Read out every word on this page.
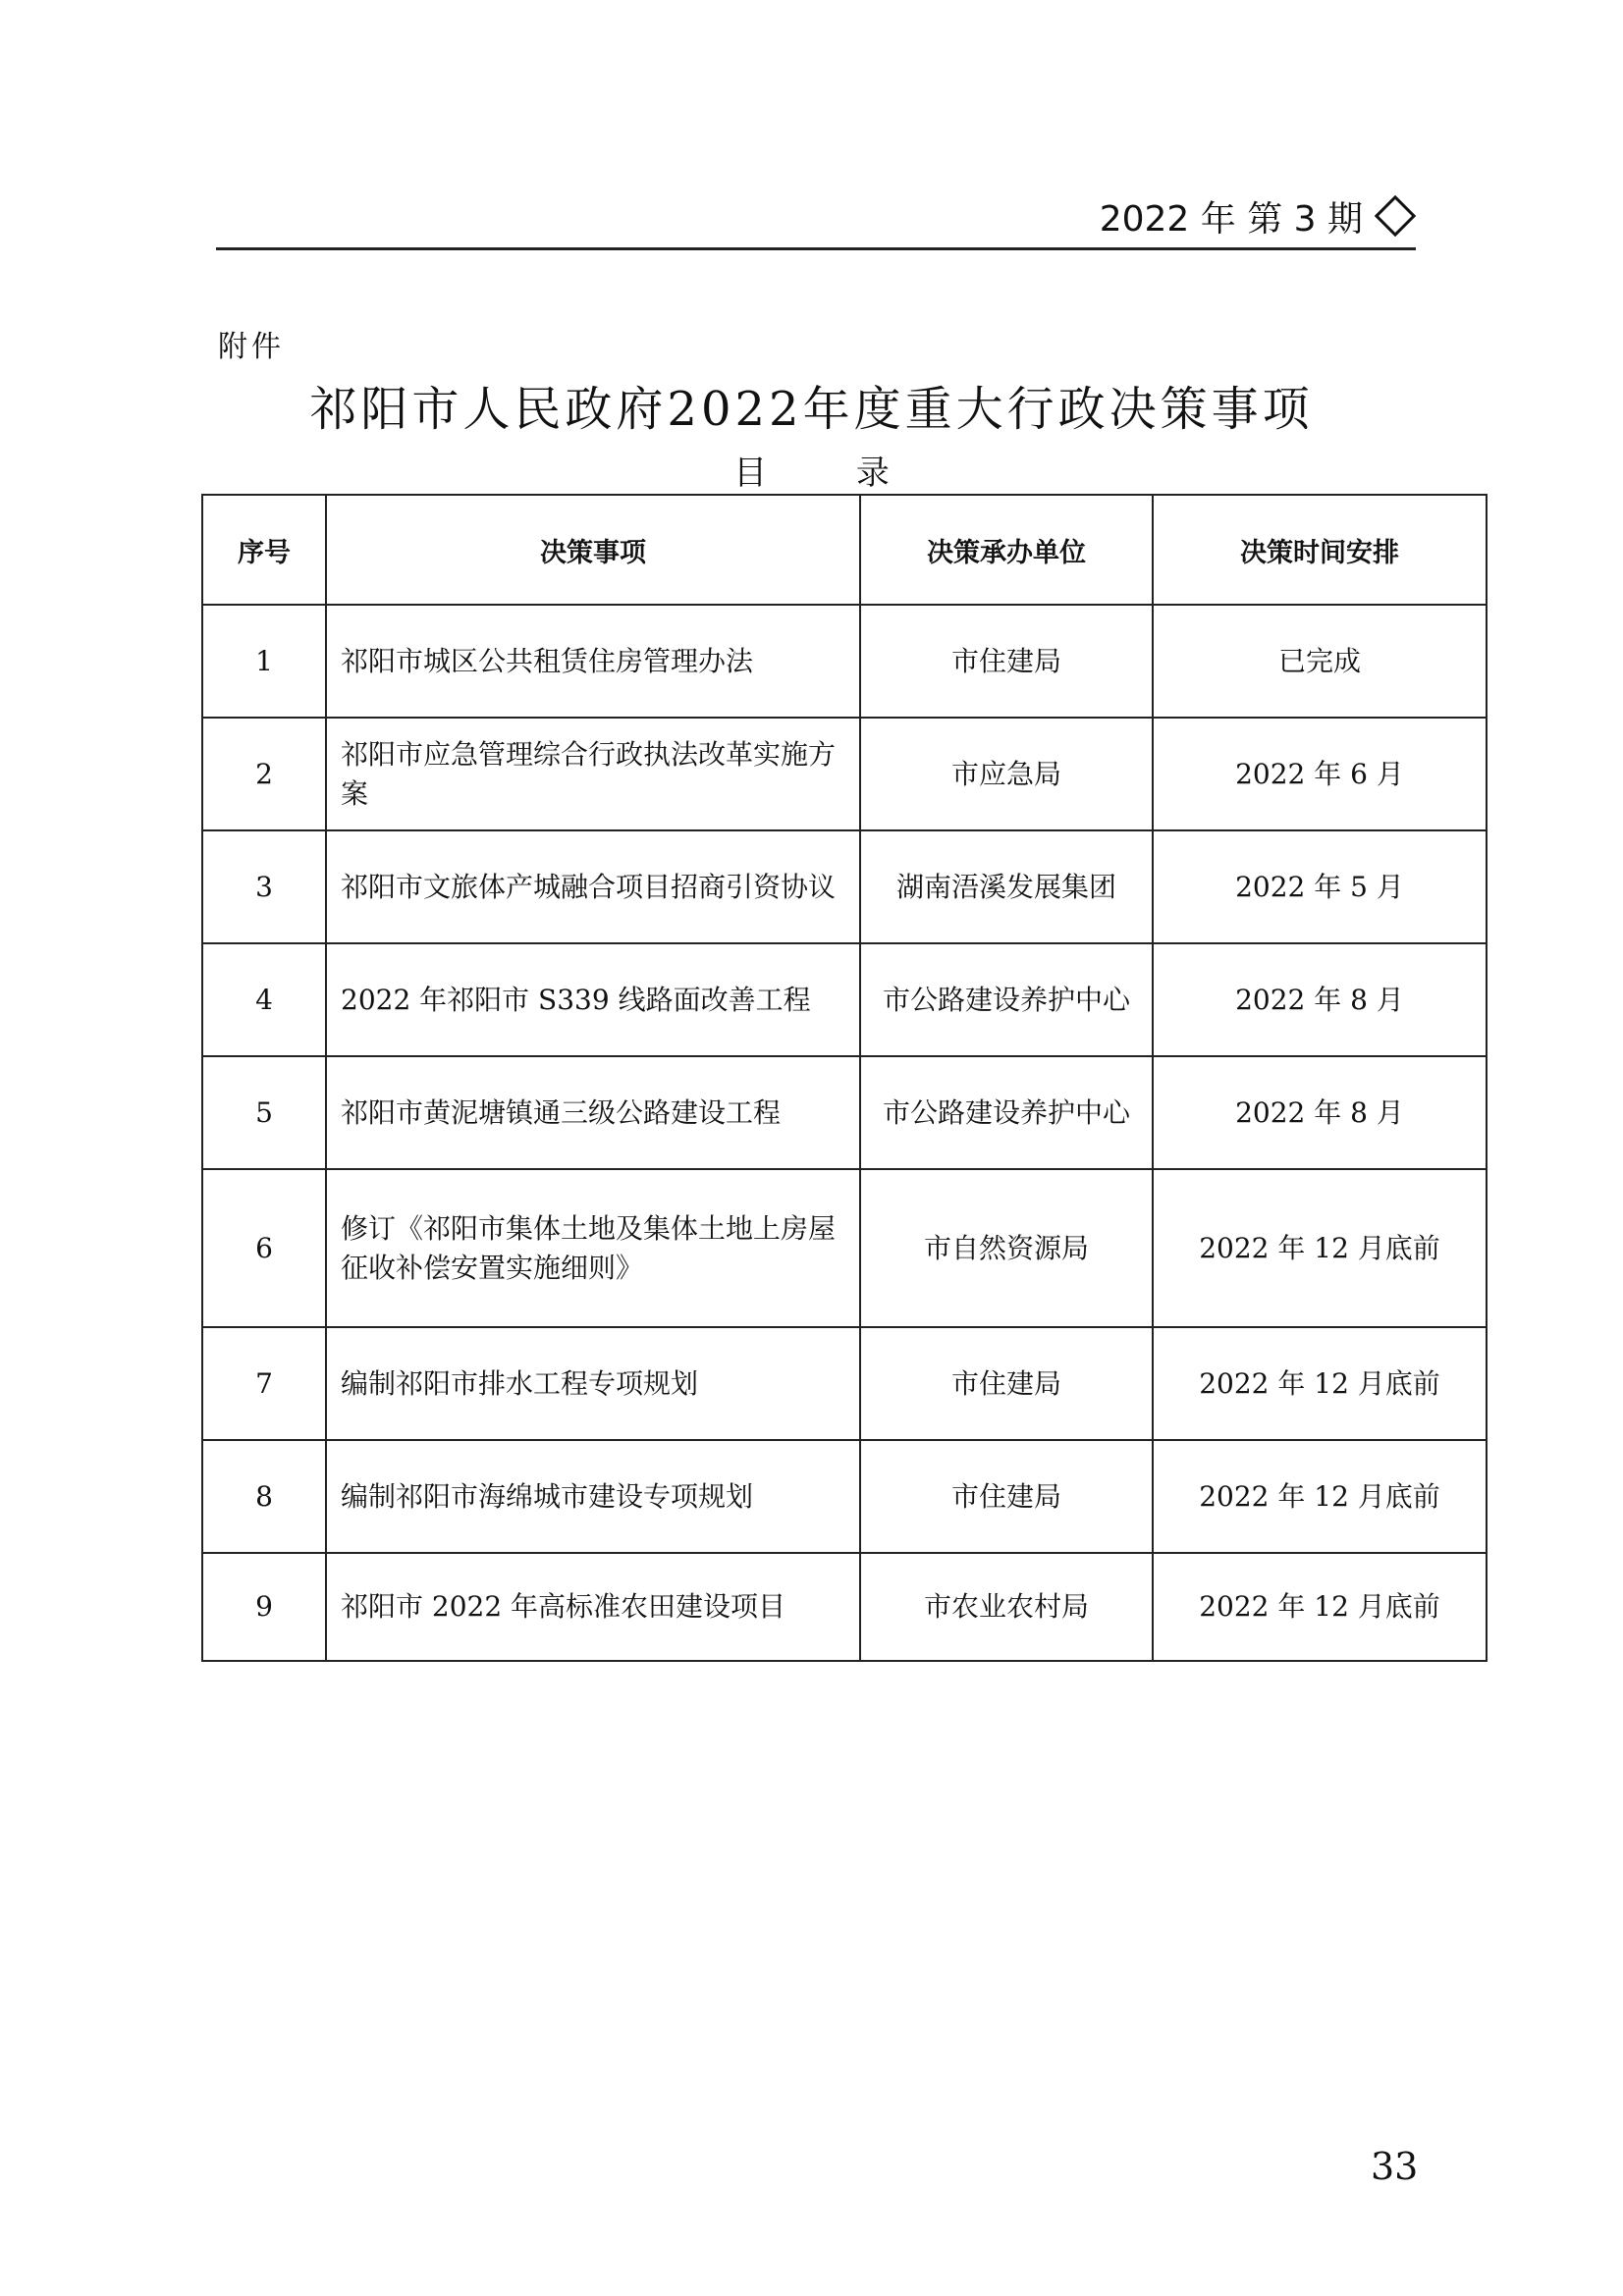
2022 年 第 3 期
附件
祁阳市人民政府2022年度重大行政决策事项
目 录
序号	决策事项	决策承办单位	决策时间安排
1	祁阳市城区公共租赁住房管理办法	市住建局	已完成
2	祁阳市应急管理综合行政执法改革实施方案	市应急局	2022 年 6 月
3	祁阳市文旅体产城融合项目招商引资协议	湖南浯溪发展集团	2022 年 5 月
4	2022 年祁阳市 S339 线路面改善工程	市公路建设养护中心	2022 年 8 月
5	祁阳市黄泥塘镇通三级公路建设工程	市公路建设养护中心	2022 年 8 月
6	修订《祁阳市集体土地及集体土地上房屋征收补偿安置实施细则》	市自然资源局	2022 年 12 月底前
7	编制祁阳市排水工程专项规划	市住建局	2022 年 12 月底前
8	编制祁阳市海绵城市建设专项规划	市住建局	2022 年 12 月底前
9	祁阳市 2022 年高标准农田建设项目	市农业农村局	2022 年 12 月底前
33
